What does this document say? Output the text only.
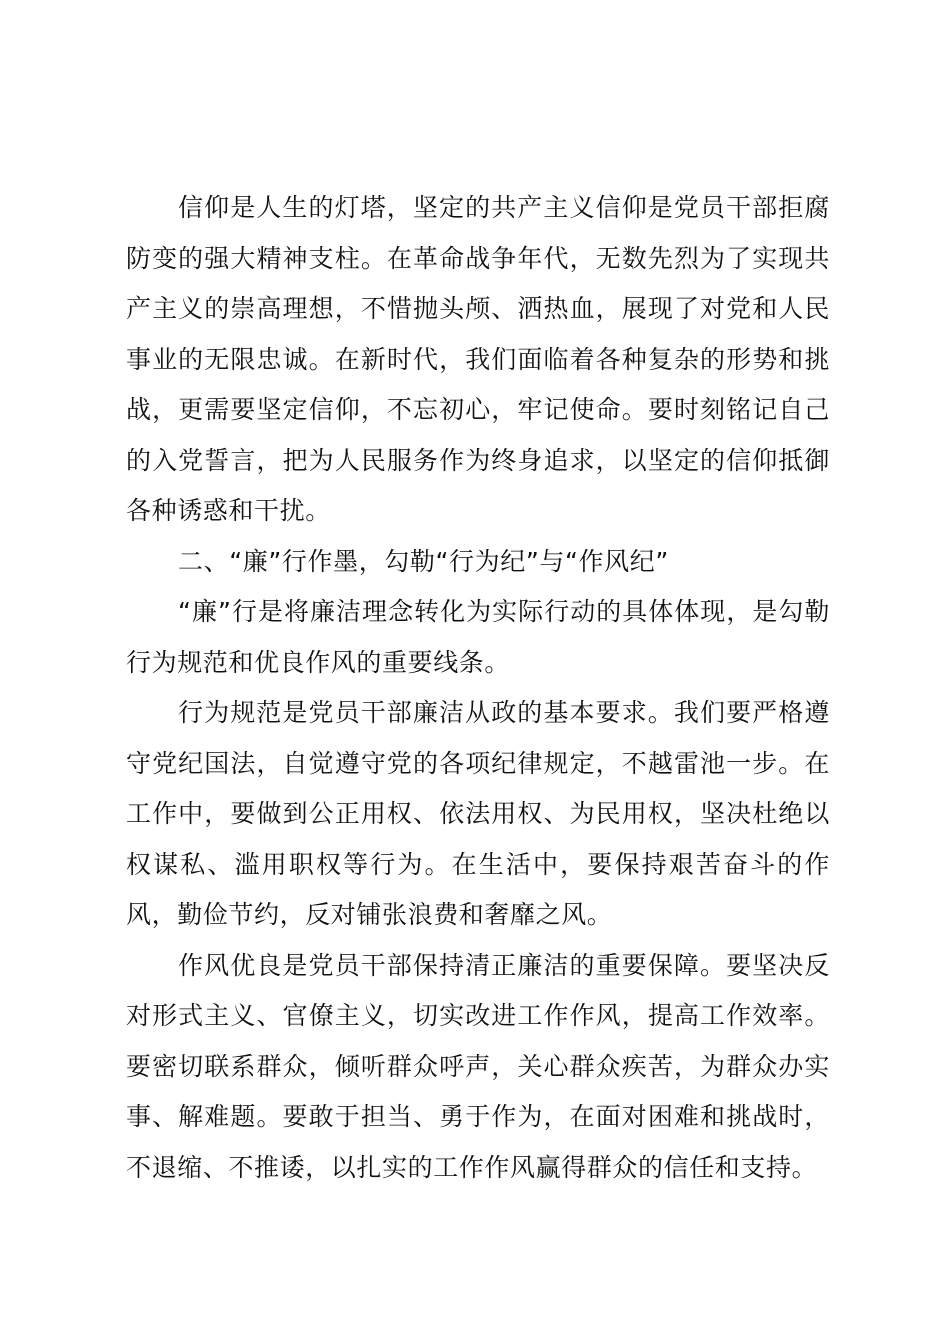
信仰是人生的灯塔，坚定的共产主义信仰是党员干部拒腐防变的强大精神支柱。在革命战争年代，无数先烈为了实现共产主义的崇高理想，不惜抛头颅、洒热血，展现了对党和人民事业的无限忠诚。在新时代，我们面临着各种复杂的形势和挑战，更需要坚定信仰，不忘初心，牢记使命。要时刻铭记自己的入党誓言，把为人民服务作为终身追求，以坚定的信仰抵御各种诱惑和干扰。

二、“廉”行作墨，勾勒“行为纪”与“作风纪”

“廉”行是将廉洁理念转化为实际行动的具体体现，是勾勒行为规范和优良作风的重要线条。

行为规范是党员干部廉洁从政的基本要求。我们要严格遵守党纪国法，自觉遵守党的各项纪律规定，不越雷池一步。在工作中，要做到公正用权、依法用权、为民用权，坚决杜绝以权谋私、滥用职权等行为。在生活中，要保持艰苦奋斗的作风，勤俭节约，反对铺张浪费和奢靡之风。

作风优良是党员干部保持清正廉洁的重要保障。要坚决反对形式主义、官僚主义，切实改进工作作风，提高工作效率。要密切联系群众，倾听群众呼声，关心群众疾苦，为群众办实事、解难题。要敢于担当、勇于作为，在面对困难和挑战时，不退缩、不推诿，以扎实的工作作风赢得群众的信任和支持。
